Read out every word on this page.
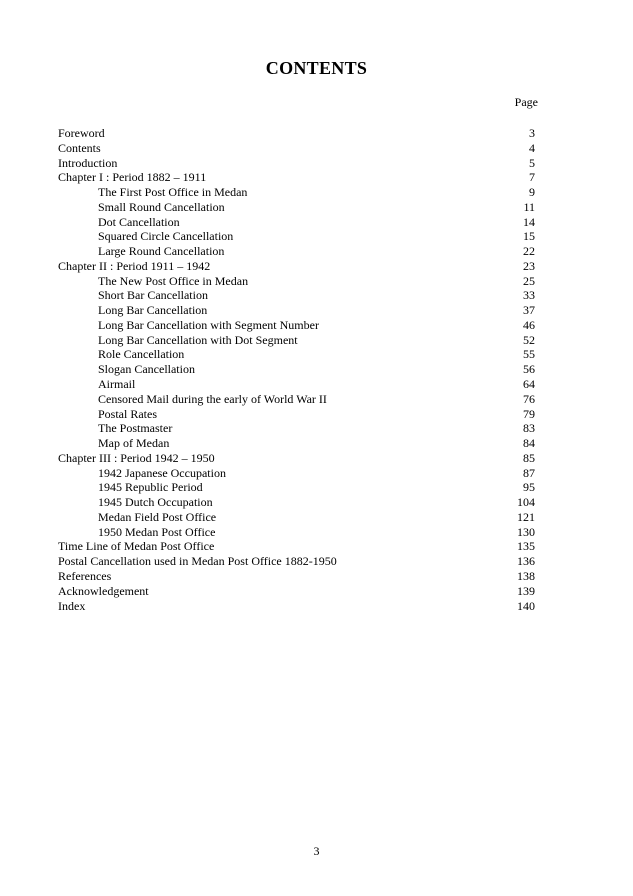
CONTENTS
Page
Foreword	3
Contents	4
Introduction	5
Chapter I : Period 1882 – 1911	7
The First Post Office in Medan	9
Small Round Cancellation	11
Dot Cancellation	14
Squared Circle Cancellation	15
Large Round Cancellation	22
Chapter II : Period 1911 – 1942	23
The New Post Office in Medan	25
Short Bar Cancellation	33
Long Bar Cancellation	37
Long Bar Cancellation with Segment Number	46
Long Bar Cancellation with Dot Segment	52
Role Cancellation	55
Slogan Cancellation	56
Airmail	64
Censored Mail during the early of World War II	76
Postal Rates	79
The Postmaster	83
Map of Medan	84
Chapter III : Period 1942 – 1950	85
1942 Japanese Occupation	87
1945 Republic Period	95
1945 Dutch Occupation	104
Medan Field Post Office	121
1950 Medan Post Office	130
Time Line of Medan Post Office	135
Postal Cancellation used in Medan Post Office 1882-1950	136
References	138
Acknowledgement	139
Index	140
3
